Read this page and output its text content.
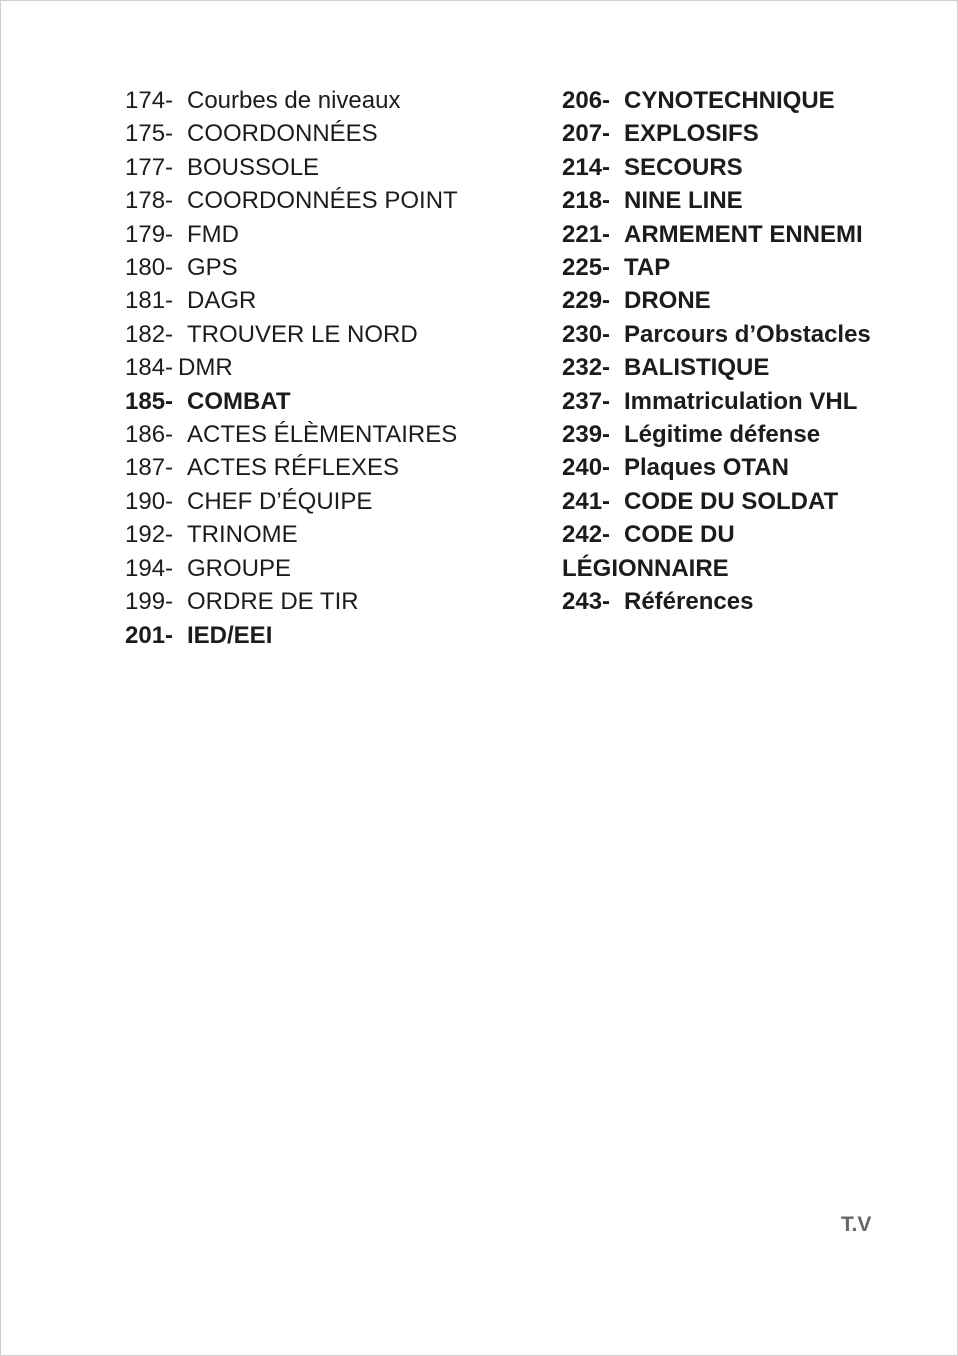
174- Courbes de niveaux
175- COORDONNÉES
177- BOUSSOLE
178- COORDONNÉES POINT
179- FMD
180- GPS
181- DAGR
182- TROUVER LE NORD
184- DMR
185- COMBAT
186- ACTES ÉLÈMENTAIRES
187- ACTES RÉFLEXES
190- CHEF D’ÉQUIPE
192- TRINOME
194- GROUPE
199- ORDRE DE TIR
201- IED/EEI
206- CYNOTECHNIQUE
207- EXPLOSIFS
214- SECOURS
218- NINE LINE
221- ARMEMENT ENNEMI
225- TAP
229- DRONE
230- Parcours d’Obstacles
232- BALISTIQUE
237- Immatriculation VHL
239- Légitime défense
240- Plaques OTAN
241- CODE DU SOLDAT
242- CODE DU LÉGIONNAIRE
243- Références
T.V
